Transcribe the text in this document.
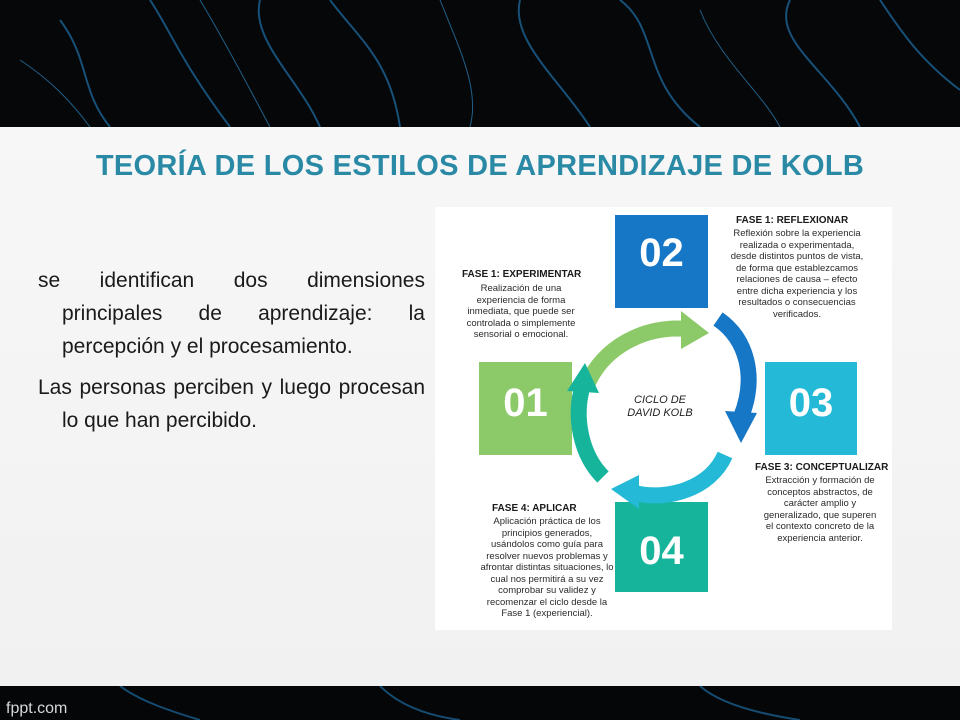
TEORÍA DE LOS ESTILOS DE APRENDIZAJE DE KOLB

se identifican dos dimensiones principales de aprendizaje: la percepción y el procesamiento.

Las personas perciben y luego procesan lo que han percibido.	01
02
03
04
CICLO DE
DAVID KOLB
FASE 1: EXPERIMENTAR
Realización de una experiencia de forma inmediata, que puede ser controlada o simplemente sensorial o emocional.
FASE 1: REFLEXIONAR
Reflexión sobre la experiencia realizada o experimentada, desde distintos puntos de vista, de forma que establezcamos relaciones de causa – efecto entre dicha experiencia y los resultados o consecuencias verificados.
FASE 3: CONCEPTUALIZAR
Extracción y formación de conceptos abstractos, de carácter amplio y generalizado, que superen el contexto concreto de la experiencia anterior.
FASE 4: APLICAR
Aplicación práctica de los principios generados, usándolos como guía para resolver nuevos problemas y afrontar distintas situaciones, lo cual nos permitirá a su vez comprobar su validez y recomenzar el ciclo desde la Fase 1 (experiencial).
fppt.com
